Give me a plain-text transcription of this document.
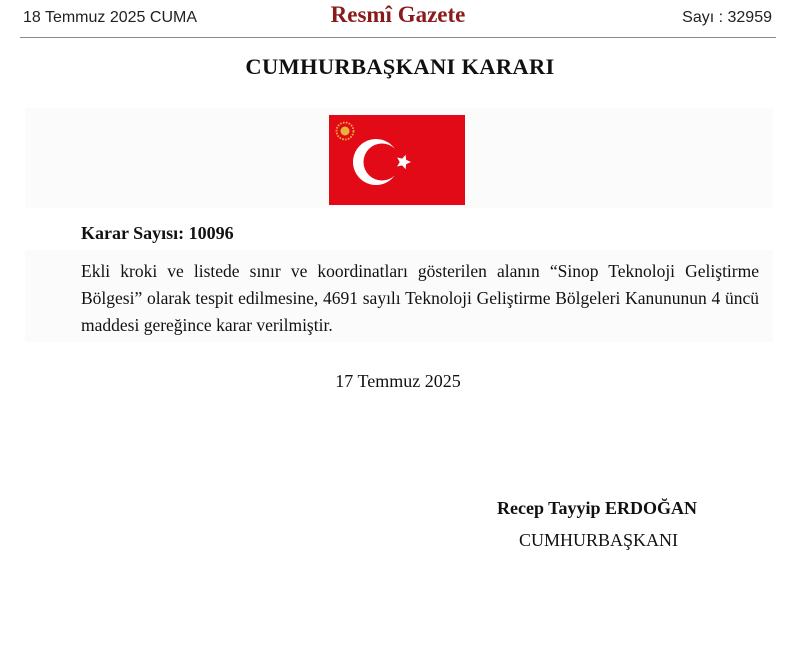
18 Temmuz 2025 CUMA	Resmî Gazete	Sayı : 32959
CUMHURBAŞKANI KARARI
Karar Sayısı: 10096

Ekli kroki ve listede sınır ve koordinatları gösterilen alanın “Sinop Teknoloji Geliştirme Bölgesi” olarak tespit edilmesine, 4691 sayılı Teknoloji Geliştirme Bölgeleri Kanununun 4 üncü maddesi gereğince karar verilmiştir.

17 Temmuz 2025
Recep Tayyip ERDOĞAN
CUMHURBAŞKANI
